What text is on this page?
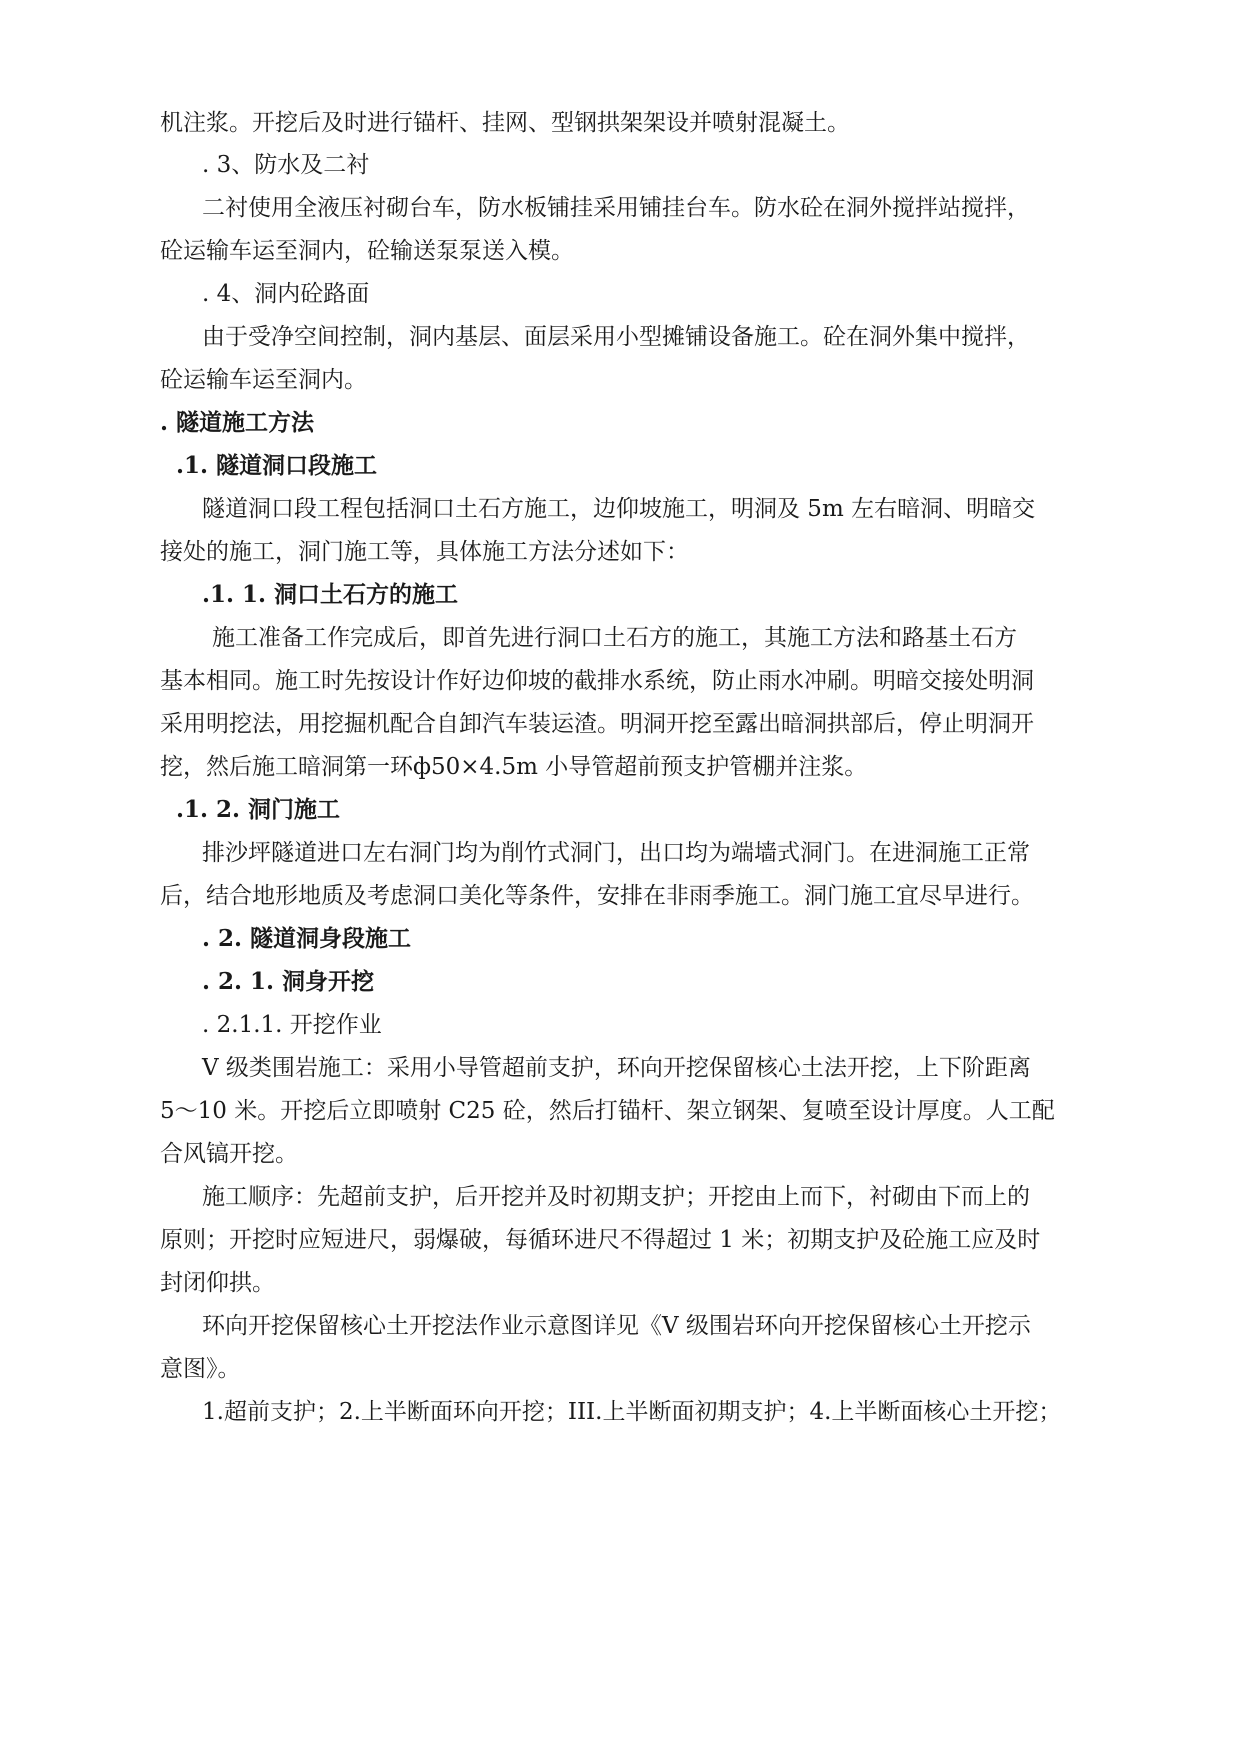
机注浆。开挖后及时进行锚杆、挂网、型钢拱架架设并喷射混凝土。
. 3、防水及二衬
二衬使用全液压衬砌台车，防水板铺挂采用铺挂台车。防水砼在洞外搅拌站搅拌，
砼运输车运至洞内，砼输送泵泵送入模。
. 4、洞内砼路面
由于受净空间控制，洞内基层、面层采用小型摊铺设备施工。砼在洞外集中搅拌，
砼运输车运至洞内。
. 隧道施工方法
.1. 隧道洞口段施工
隧道洞口段工程包括洞口土石方施工，边仰坡施工，明洞及 5m 左右暗洞、明暗交
接处的施工，洞门施工等，具体施工方法分述如下：
.1. 1. 洞口土石方的施工
施工准备工作完成后，即首先进行洞口土石方的施工，其施工方法和路基土石方
基本相同。施工时先按设计作好边仰坡的截排水系统，防止雨水冲刷。明暗交接处明洞
采用明挖法，用挖掘机配合自卸汽车装运渣。明洞开挖至露出暗洞拱部后，停止明洞开
挖，然后施工暗洞第一环ф50×4.5m 小导管超前预支护管棚并注浆。
.1. 2. 洞门施工
排沙坪隧道进口左右洞门均为削竹式洞门，出口均为端墙式洞门。在进洞施工正常
后，结合地形地质及考虑洞口美化等条件，安排在非雨季施工。洞门施工宜尽早进行。
. 2. 隧道洞身段施工
. 2. 1. 洞身开挖
. 2.1.1. 开挖作业
V 级类围岩施工：采用小导管超前支护，环向开挖保留核心土法开挖，上下阶距离
5～10 米。开挖后立即喷射 C25 砼，然后打锚杆、架立钢架、复喷至设计厚度。人工配
合风镐开挖。
施工顺序：先超前支护，后开挖并及时初期支护；开挖由上而下，衬砌由下而上的
原则；开挖时应短进尺，弱爆破，每循环进尺不得超过 1 米；初期支护及砼施工应及时
封闭仰拱。
环向开挖保留核心土开挖法作业示意图详见《V 级围岩环向开挖保留核心土开挖示
意图》。
1.超前支护；2.上半断面环向开挖；III.上半断面初期支护；4.上半断面核心土开挖；
